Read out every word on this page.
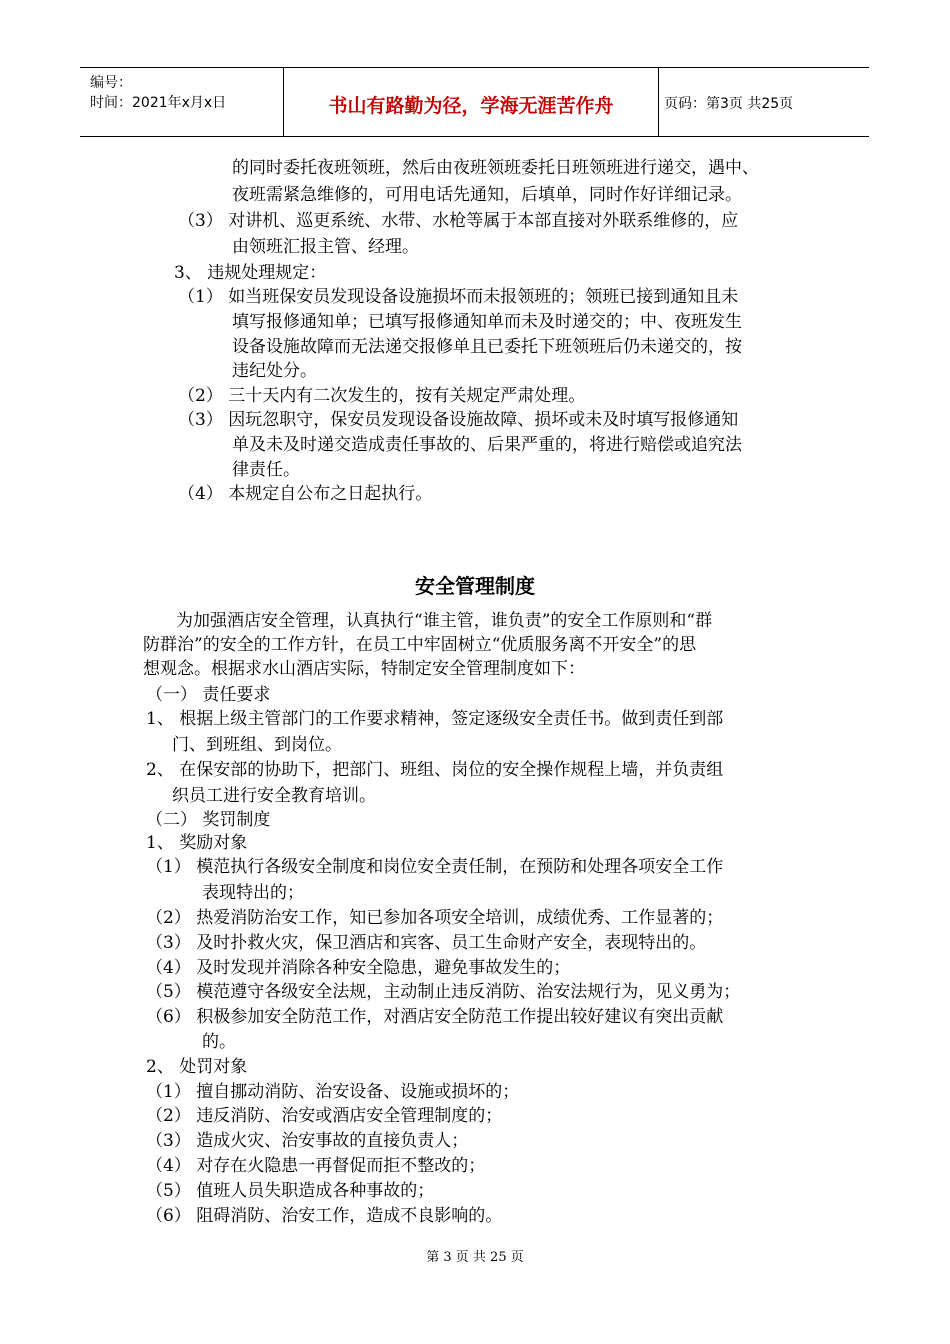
编号：
时间：2021年x月x日	书山有路勤为径，学海无涯苦作舟	页码：第3页 共25页
的同时委托夜班领班，然后由夜班领班委托日班领班进行递交，遇中、
夜班需紧急维修的，可用电话先通知，后填单，同时作好详细记录。
（3） 对讲机、巡更系统、水带、水枪等属于本部直接对外联系维修的，应
由领班汇报主管、经理。
3、 违规处理规定：
（1） 如当班保安员发现设备设施损坏而未报领班的；领班已接到通知且未
填写报修通知单；已填写报修通知单而未及时递交的；中、夜班发生
设备设施故障而无法递交报修单且已委托下班领班后仍未递交的，按
违纪处分。
（2） 三十天内有二次发生的，按有关规定严肃处理。
（3） 因玩忽职守，保安员发现设备设施故障、损坏或未及时填写报修通知
单及未及时递交造成责任事故的、后果严重的，将进行赔偿或追究法
律责任。
（4） 本规定自公布之日起执行。
安全管理制度
为加强酒店安全管理，认真执行“谁主管，谁负责”的安全工作原则和“群
防群治”的安全的工作方针，在员工中牢固树立“优质服务离不开安全”的思
想观念。根据求水山酒店实际，特制定安全管理制度如下：
（一） 责任要求
1、 根据上级主管部门的工作要求精神，签定逐级安全责任书。做到责任到部
门、到班组、到岗位。
2、 在保安部的协助下，把部门、班组、岗位的安全操作规程上墙，并负责组
织员工进行安全教育培训。
（二） 奖罚制度
1、 奖励对象
（1） 模范执行各级安全制度和岗位安全责任制，在预防和处理各项安全工作
表现特出的；
（2） 热爱消防治安工作，知已参加各项安全培训，成绩优秀、工作显著的；
（3） 及时扑救火灾，保卫酒店和宾客、员工生命财产安全，表现特出的。
（4） 及时发现并消除各种安全隐患，避免事故发生的；
（5） 模范遵守各级安全法规，主动制止违反消防、治安法规行为，见义勇为；
（6） 积极参加安全防范工作，对酒店安全防范工作提出较好建议有突出贡献
的。
2、 处罚对象
（1） 擅自挪动消防、治安设备、设施或损坏的；
（2） 违反消防、治安或酒店安全管理制度的；
（3） 造成火灾、治安事故的直接负责人；
（4） 对存在火隐患一再督促而拒不整改的；
（5） 值班人员失职造成各种事故的；
（6） 阻碍消防、治安工作，造成不良影响的。
第 3 页 共 25 页
